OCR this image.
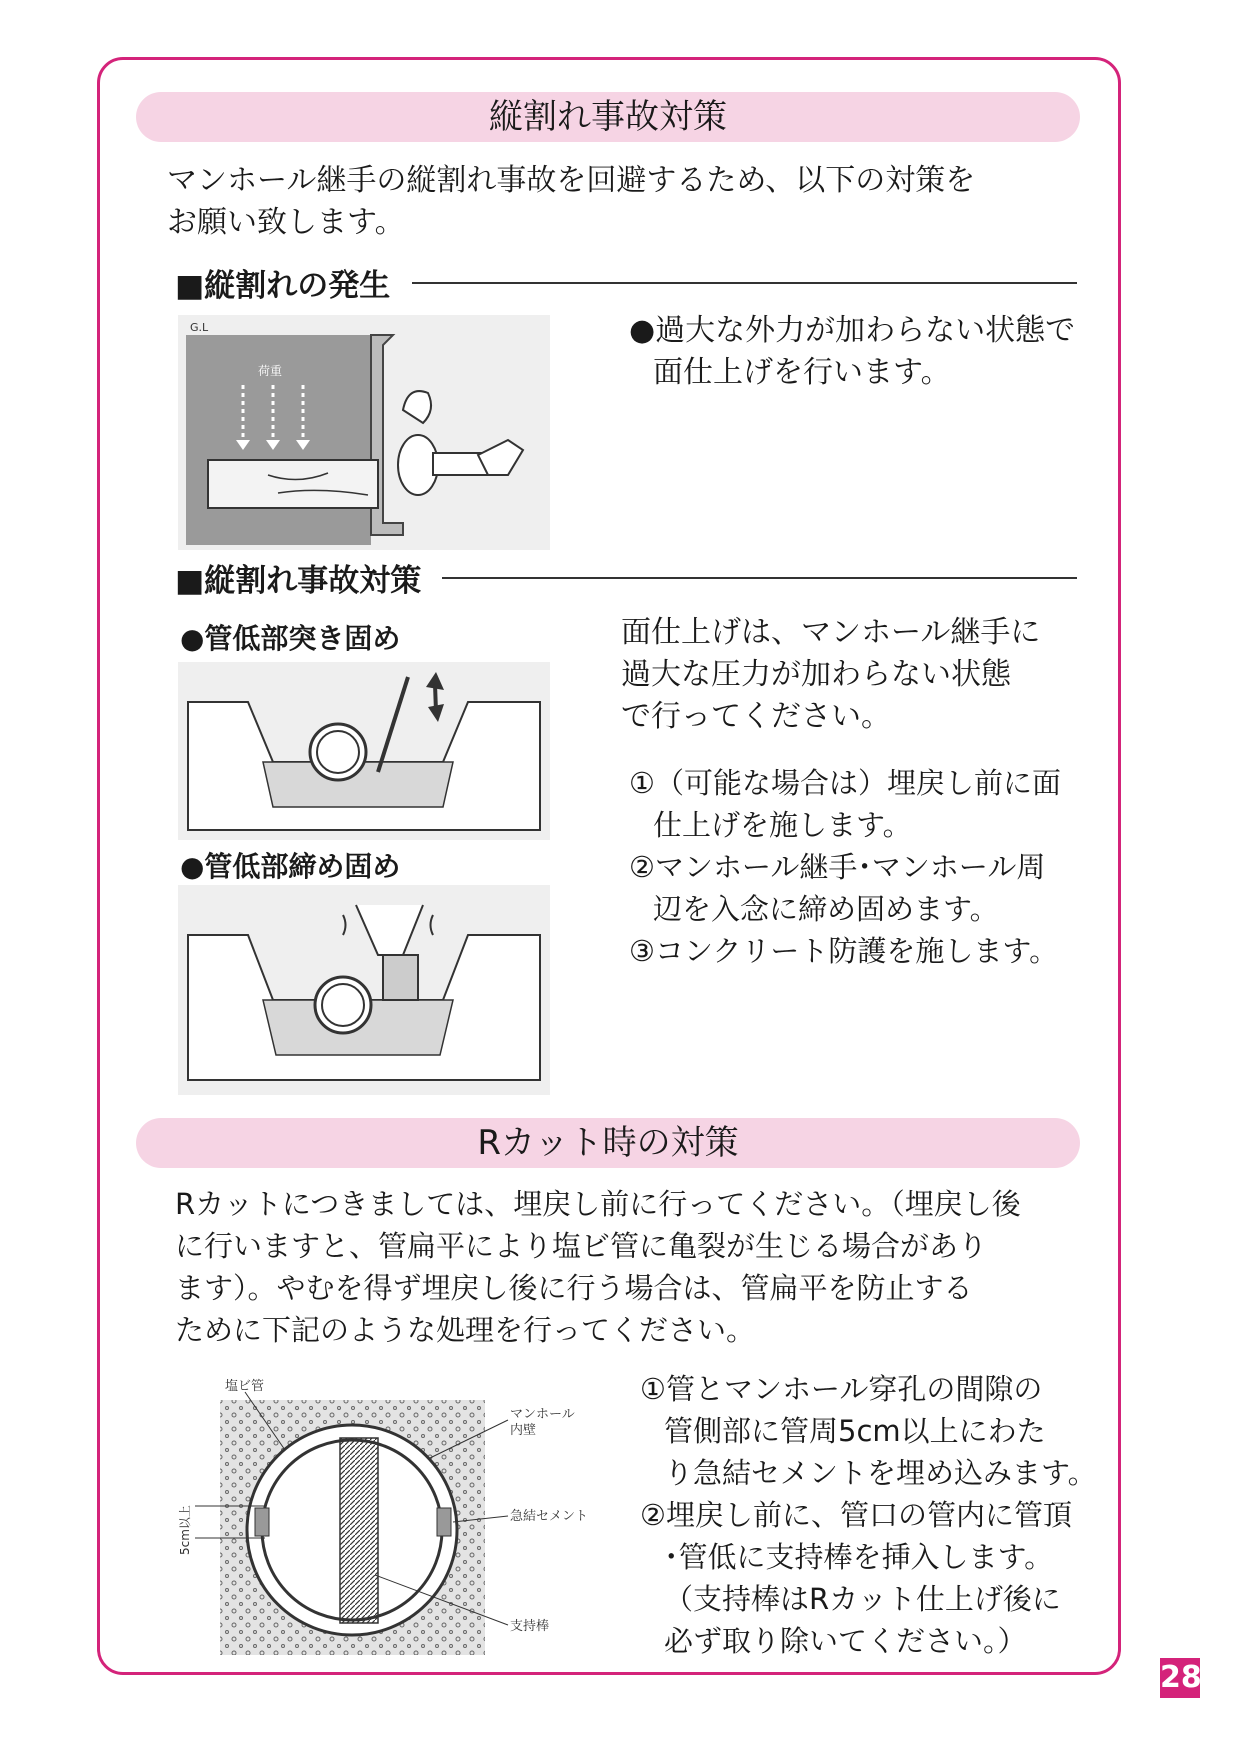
縦割れ事故対策
マンホール継手の縦割れ事故を回避するため、以下の対策を
お願い致します。
■縦割れの発生
G.L
荷重
●過大な外力が加わらない状態で
面仕上げを行います。
■縦割れ事故対策
●管低部突き固め
●管低部締め固め
面仕上げは、マンホール継手に
過大な圧力が加わらない状態
で行ってください。
①（可能な場合は）埋戻し前に面
仕上げを施します。
②マンホール継手･マンホール周
辺を入念に締め固めます。
③コンクリート防護を施します。
Rカット時の対策
Rカットにつきましては、埋戻し前に行ってください。（埋戻し後
に行いますと、管扁平により塩ビ管に亀裂が生じる場合があり
ます）。やむを得ず埋戻し後に行う場合は、管扁平を防止する
ために下記のような処理を行ってください。
塩ビ管
マンホール
内壁
急結セメント
支持棒
5cm以上
①管とマンホール穿孔の間隙の
管側部に管周5cm以上にわた
り急結セメントを埋め込みます。
②埋戻し前に、管口の管内に管頂
･管低に支持棒を挿入します。
（支持棒はRカット仕上げ後に
必ず取り除いてください。）
28
